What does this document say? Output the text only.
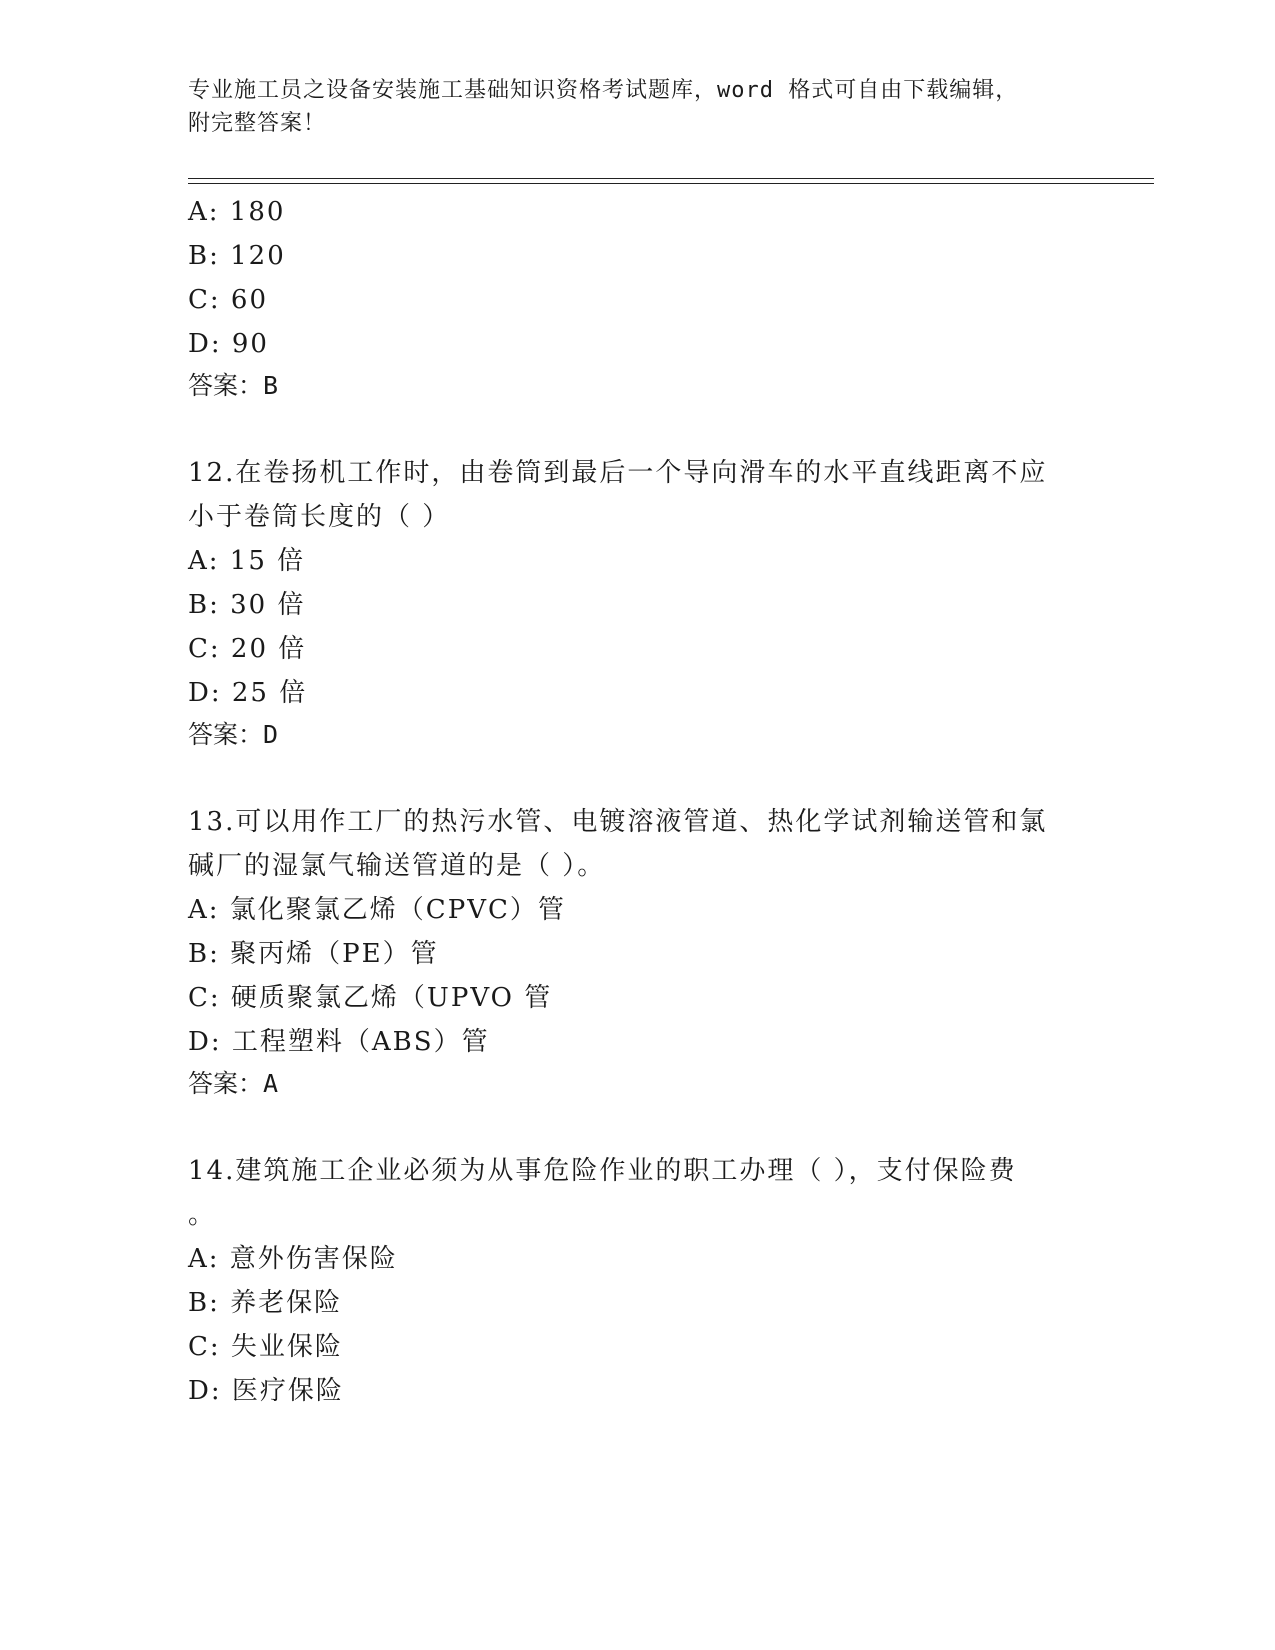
专业施工员之设备安装施工基础知识资格考试题库，word 格式可自由下载编辑，
附完整答案！
A: 180
B: 120
C: 60
D: 90
答案：B
12.在卷扬机工作时，由卷筒到最后一个导向滑车的水平直线距离不应
小于卷筒长度的（ ）
A: 15 倍
B: 30 倍
C: 20 倍
D: 25 倍
答案：D
13.可以用作工厂的热污水管、电镀溶液管道、热化学试剂输送管和氯
碱厂的湿氯气输送管道的是（ ）。
A: 氯化聚氯乙烯（CPVC）管
B: 聚丙烯（PE）管
C: 硬质聚氯乙烯（UPVO 管
D: 工程塑料（ABS）管
答案：A
14.建筑施工企业必须为从事危险作业的职工办理（ ），支付保险费
。
A: 意外伤害保险
B: 养老保险
C: 失业保险
D: 医疗保险
